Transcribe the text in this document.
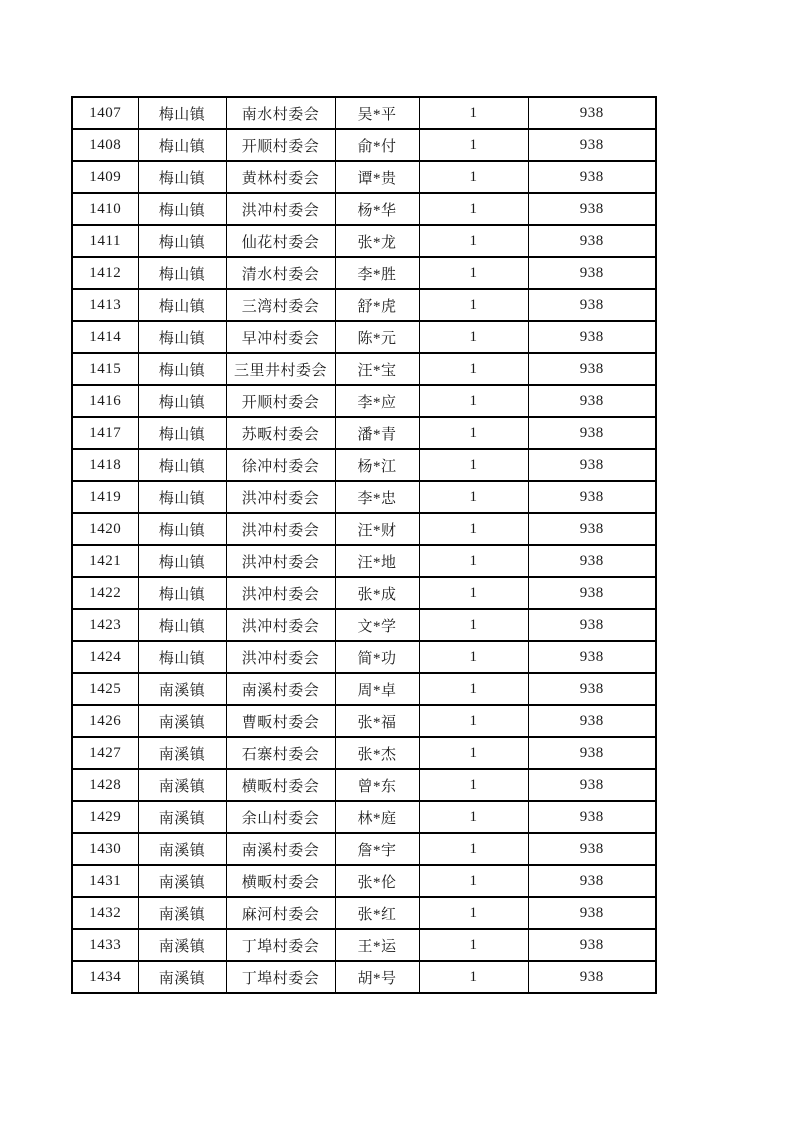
1407	梅山镇	南水村委会	吴*平	1	938
1408	梅山镇	开顺村委会	俞*付	1	938
1409	梅山镇	黄林村委会	谭*贵	1	938
1410	梅山镇	洪冲村委会	杨*华	1	938
1411	梅山镇	仙花村委会	张*龙	1	938
1412	梅山镇	清水村委会	李*胜	1	938
1413	梅山镇	三湾村委会	舒*虎	1	938
1414	梅山镇	早冲村委会	陈*元	1	938
1415	梅山镇	三里井村委会	汪*宝	1	938
1416	梅山镇	开顺村委会	李*应	1	938
1417	梅山镇	苏畈村委会	潘*青	1	938
1418	梅山镇	徐冲村委会	杨*江	1	938
1419	梅山镇	洪冲村委会	李*忠	1	938
1420	梅山镇	洪冲村委会	汪*财	1	938
1421	梅山镇	洪冲村委会	汪*地	1	938
1422	梅山镇	洪冲村委会	张*成	1	938
1423	梅山镇	洪冲村委会	文*学	1	938
1424	梅山镇	洪冲村委会	简*功	1	938
1425	南溪镇	南溪村委会	周*卓	1	938
1426	南溪镇	曹畈村委会	张*福	1	938
1427	南溪镇	石寨村委会	张*杰	1	938
1428	南溪镇	横畈村委会	曾*东	1	938
1429	南溪镇	余山村委会	林*庭	1	938
1430	南溪镇	南溪村委会	詹*宇	1	938
1431	南溪镇	横畈村委会	张*伦	1	938
1432	南溪镇	麻河村委会	张*红	1	938
1433	南溪镇	丁埠村委会	王*运	1	938
1434	南溪镇	丁埠村委会	胡*号	1	938
